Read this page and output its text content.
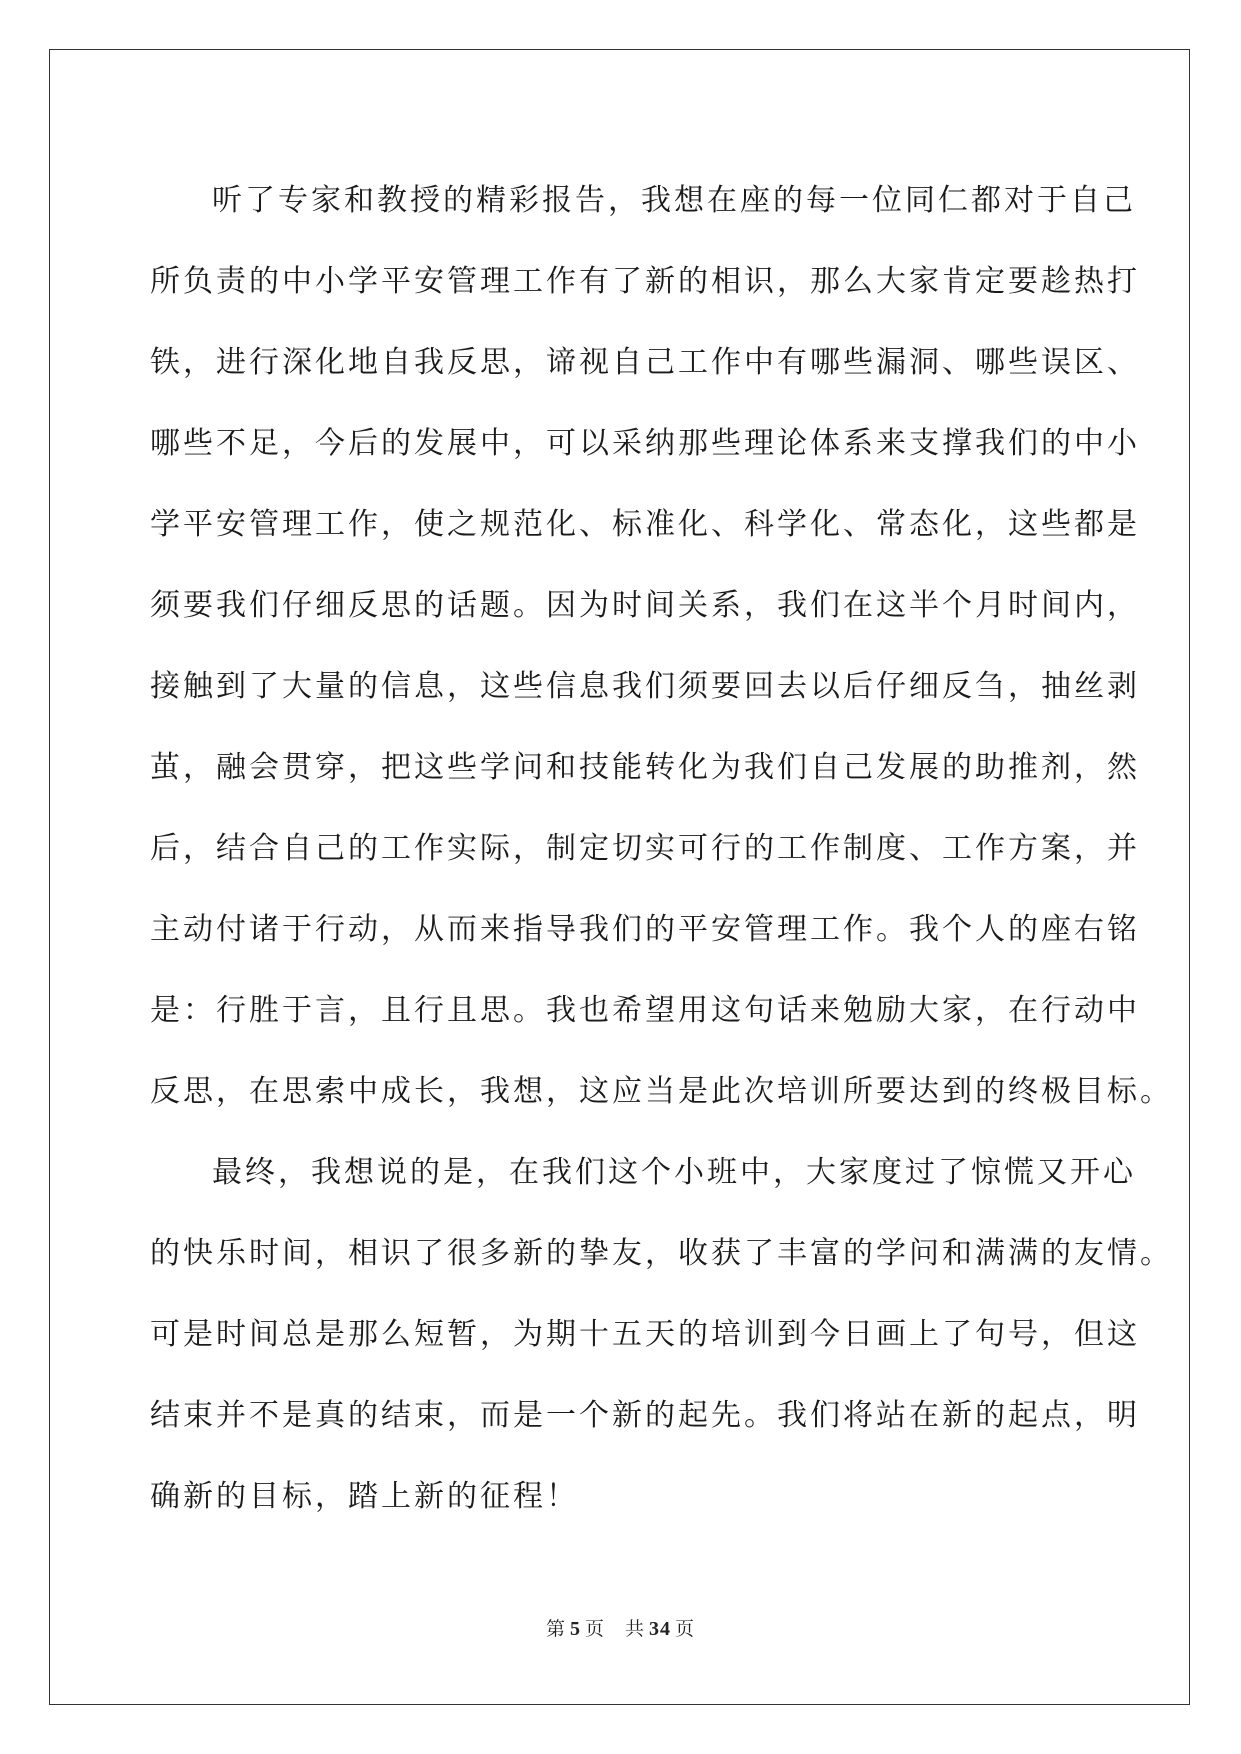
听了专家和教授的精彩报告，我想在座的每一位同仁都对于自己
所负责的中小学平安管理工作有了新的相识，那么大家肯定要趁热打
铁，进行深化地自我反思，谛视自己工作中有哪些漏洞、哪些误区、
哪些不足，今后的发展中，可以采纳那些理论体系来支撑我们的中小
学平安管理工作，使之规范化、标准化、科学化、常态化，这些都是
须要我们仔细反思的话题。因为时间关系，我们在这半个月时间内，
接触到了大量的信息，这些信息我们须要回去以后仔细反刍，抽丝剥
茧，融会贯穿，把这些学问和技能转化为我们自己发展的助推剂，然
后，结合自己的工作实际，制定切实可行的工作制度、工作方案，并
主动付诸于行动，从而来指导我们的平安管理工作。我个人的座右铭
是：行胜于言，且行且思。我也希望用这句话来勉励大家，在行动中
反思，在思索中成长，我想，这应当是此次培训所要达到的终极目标。
最终，我想说的是，在我们这个小班中，大家度过了惊慌又开心
的快乐时间，相识了很多新的挚友，收获了丰富的学问和满满的友情。
可是时间总是那么短暂，为期十五天的培训到今日画上了句号，但这
结束并不是真的结束，而是一个新的起先。我们将站在新的起点，明
确新的目标，踏上新的征程！
第 5 页 共 34 页
